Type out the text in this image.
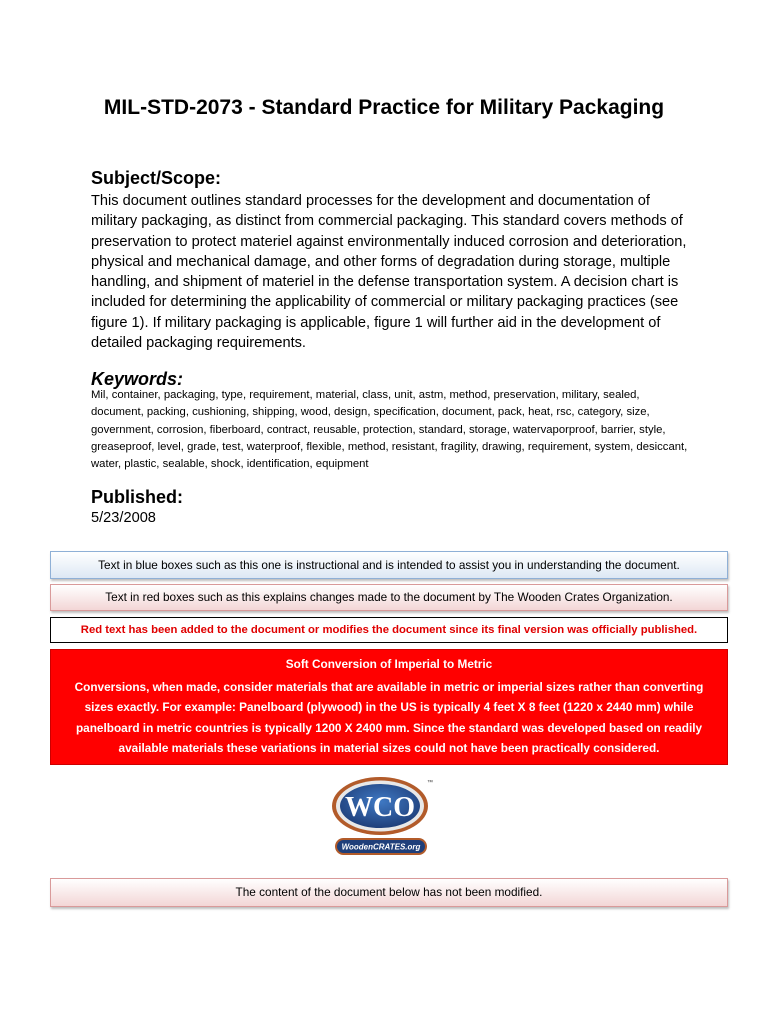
MIL-STD-2073 - Standard Practice for Military Packaging
Subject/Scope:
This document outlines standard processes for the development and documentation of military packaging, as distinct from commercial packaging. This standard covers methods of preservation to protect materiel against environmentally induced corrosion and deterioration, physical and mechanical damage, and other forms of degradation during storage, multiple handling, and shipment of materiel in the defense transportation system. A decision chart is included for determining the applicability of commercial or military packaging practices (see figure 1). If military packaging is applicable, figure 1 will further aid in the development of detailed packaging requirements.
Keywords:
Mil, container, packaging, type, requirement, material, class, unit, astm, method, preservation, military, sealed, document, packing, cushioning, shipping, wood, design, specification, document, pack, heat, rsc, category, size, government, corrosion, fiberboard, contract, reusable, protection, standard, storage, watervaporproof, barrier, style, greaseproof, level, grade, test, waterproof, flexible, method, resistant, fragility, drawing, requirement, system, desiccant, water, plastic, sealable, shock, identification, equipment
Published:
5/23/2008
Text in blue boxes such as this one is instructional and is intended to assist you in understanding the document.
Text in red boxes such as this explains changes made to the document by The Wooden Crates Organization.
Red text has been added to the document or modifies the document since its final version was officially published.
Soft Conversion of Imperial to Metric
Conversions, when made, consider materials that are available in metric or imperial sizes rather than converting sizes exactly. For example: Panelboard (plywood) in the US is typically 4 feet X 8 feet (1220 x 2440 mm) while panelboard in metric countries is typically 1200 X 2400 mm. Since the standard was developed based on readily available materials these variations in material sizes could not have been practically considered.
WCO
™
WoodenCRATES.org
The content of the document below has not been modified.
